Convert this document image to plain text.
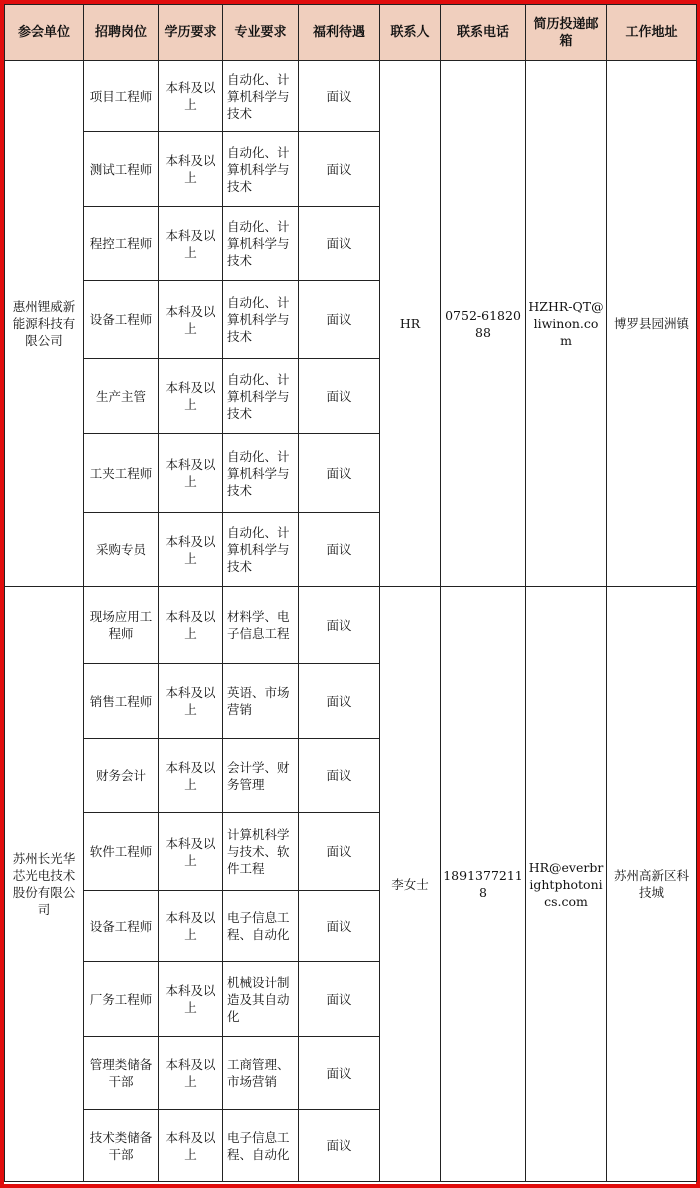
参会单位	招聘岗位	学历要求	专业要求	福利待遇	联系人	联系电话	简历投递邮箱	工作地址
惠州锂威新能源科技有限公司	项目工程师	本科及以上	自动化、计算机科学与技术	面议	HR	0752-6182088	HZHR-QT@liwinon.com	博罗县园洲镇
	测试工程师	本科及以上	自动化、计算机科学与技术	面议				
	程控工程师	本科及以上	自动化、计算机科学与技术	面议				
	设备工程师	本科及以上	自动化、计算机科学与技术	面议				
	生产主管	本科及以上	自动化、计算机科学与技术	面议				
	工夹工程师	本科及以上	自动化、计算机科学与技术	面议				
	采购专员	本科及以上	自动化、计算机科学与技术	面议				
苏州长光华芯光电技术股份有限公司	现场应用工程师	本科及以上	材料学、电子信息工程	面议	李女士	18913772118	HR@everbrightphotonics.com	苏州高新区科技城
	销售工程师	本科及以上	英语、市场营销	面议				
	财务会计	本科及以上	会计学、财务管理	面议				
	软件工程师	本科及以上	计算机科学与技术、软件工程	面议				
	设备工程师	本科及以上	电子信息工程、自动化	面议				
	厂务工程师	本科及以上	机械设计制造及其自动化	面议				
	管理类储备干部	本科及以上	工商管理、市场营销	面议				
	技术类储备干部	本科及以上	电子信息工程、自动化	面议				
